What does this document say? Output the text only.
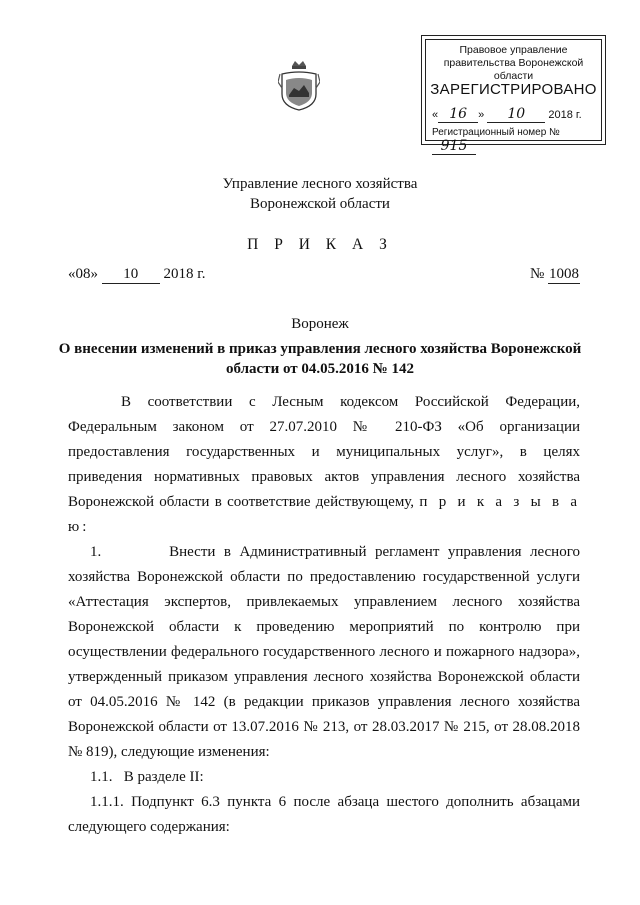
Правовое управление правительства Воронежской области
ЗАРЕГИСТРИРОВАНО
« 16 » 10 2018 г.
Регистрационный номер № 915
Управление лесного хозяйства
Воронежской области
П Р И К А З
«08» 10 2018 г.	№ 1008
Воронеж
О внесении изменений в приказ управления лесного хозяйства Воронежской
области от 04.05.2016 № 142

В соответствии с Лесным кодексом Российской Федерации, Федеральным законом от 27.07.2010 № 210-ФЗ «Об организации предоставления государственных и муниципальных услуг», в целях приведения нормативных правовых актов управления лесного хозяйства Воронежской области в соответствие действующему, п р и к а з ы в а ю:

1.        Внести в Административный регламент управления лесного хозяйства Воронежской области по предоставлению государственной услуги «Аттестация экспертов, привлекаемых управлением лесного хозяйства Воронежской области к проведению мероприятий по контролю при осуществлении федерального государственного лесного и пожарного надзора», утвержденный приказом управления лесного хозяйства Воронежской области от 04.05.2016 № 142 (в редакции приказов управления лесного хозяйства Воронежской области от 13.07.2016 № 213, от 28.03.2017 № 215, от 28.08.2018 № 819), следующие изменения:

1.1.   В разделе II:

1.1.1. Подпункт 6.3 пункта 6 после абзаца шестого дополнить абзацами следующего содержания:
